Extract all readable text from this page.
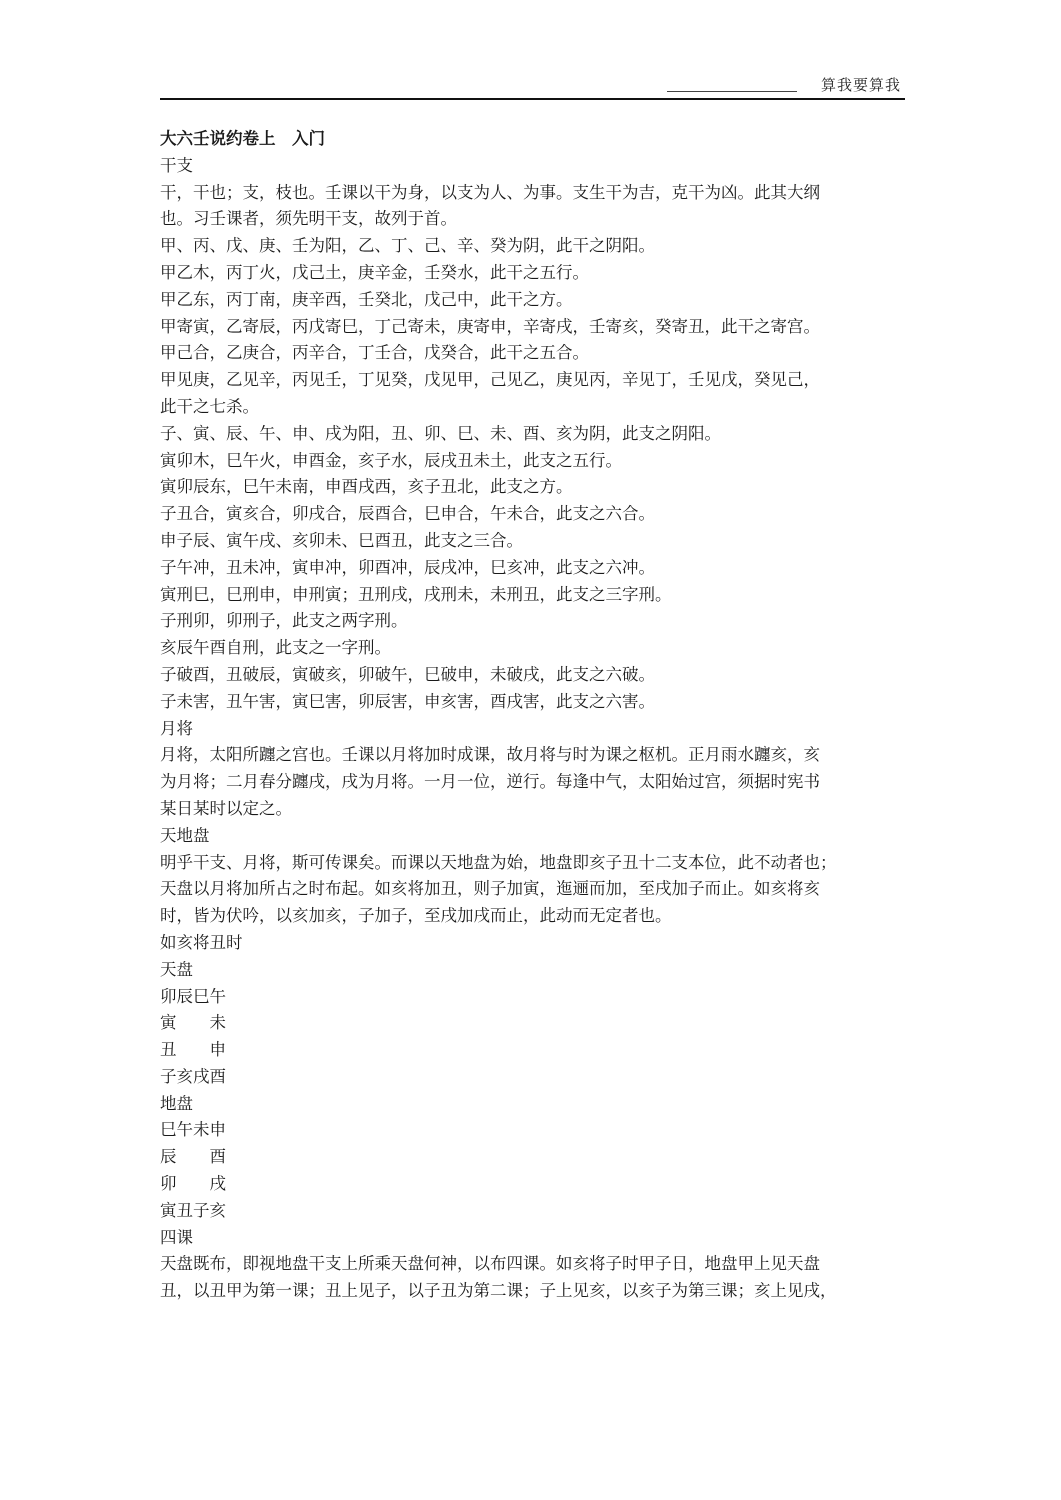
算我要算我
大六壬说约卷上　入门
干支
干，干也；支，枝也。壬课以干为身，以支为人、为事。支生干为吉，克干为凶。此其大纲
也。习壬课者，须先明干支，故列于首。
甲、丙、戊、庚、壬为阳，乙、丁、己、辛、癸为阴，此干之阴阳。
甲乙木，丙丁火，戊己土，庚辛金，壬癸水，此干之五行。
甲乙东，丙丁南，庚辛西，壬癸北，戊己中，此干之方。
甲寄寅，乙寄辰，丙戊寄巳，丁己寄未，庚寄申，辛寄戌，壬寄亥，癸寄丑，此干之寄宫。
甲己合，乙庚合，丙辛合，丁壬合，戊癸合，此干之五合。
甲见庚，乙见辛，丙见壬，丁见癸，戊见甲，己见乙，庚见丙，辛见丁，壬见戊，癸见己，
此干之七杀。
子、寅、辰、午、申、戌为阳，丑、卯、巳、未、酉、亥为阴，此支之阴阳。
寅卯木，巳午火，申酉金，亥子水，辰戌丑未土，此支之五行。
寅卯辰东，巳午未南，申酉戌西，亥子丑北，此支之方。
子丑合，寅亥合，卯戌合，辰酉合，巳申合，午未合，此支之六合。
申子辰、寅午戌、亥卯未、巳酉丑，此支之三合。
子午冲，丑未冲，寅申冲，卯酉冲，辰戌冲，巳亥冲，此支之六冲。
寅刑巳，巳刑申，申刑寅；丑刑戌，戌刑未，未刑丑，此支之三字刑。
子刑卯，卯刑子，此支之两字刑。
亥辰午酉自刑，此支之一字刑。
子破酉，丑破辰，寅破亥，卯破午，巳破申，未破戌，此支之六破。
子未害，丑午害，寅巳害，卯辰害，申亥害，酉戌害，此支之六害。
月将
月将，太阳所躔之宫也。壬课以月将加时成课，故月将与时为课之枢机。正月雨水躔亥，亥
为月将；二月春分躔戌，戌为月将。一月一位，逆行。每逢中气，太阳始过宫，须据时宪书
某日某时以定之。
天地盘
明乎干支、月将，斯可传课矣。而课以天地盘为始，地盘即亥子丑十二支本位，此不动者也；
天盘以月将加所占之时布起。如亥将加丑，则子加寅，迤逦而加，至戌加子而止。如亥将亥
时，皆为伏吟，以亥加亥，子加子，至戌加戌而止，此动而无定者也。
如亥将丑时
天盘
卯辰巳午
寅　　未
丑　　申
子亥戌酉
地盘
巳午未申
辰　　酉
卯　　戌
寅丑子亥
四课
天盘既布，即视地盘干支上所乘天盘何神，以布四课。如亥将子时甲子日，地盘甲上见天盘
丑，以丑甲为第一课；丑上见子，以子丑为第二课；子上见亥，以亥子为第三课；亥上见戌，
